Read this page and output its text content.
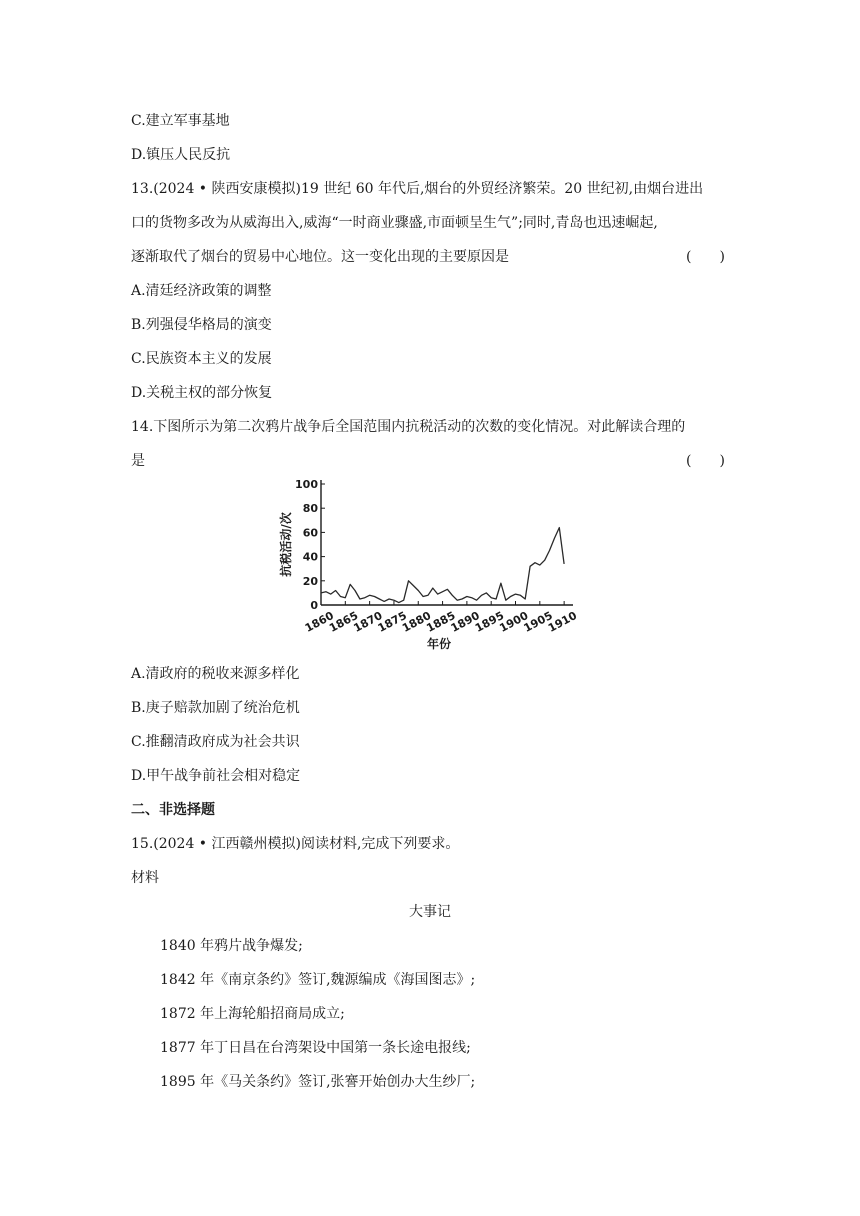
C.建立军事基地
D.镇压人民反抗
13.(2024 • 陕西安康模拟)19 世纪 60 年代后,烟台的外贸经济繁荣。20 世纪初,由烟台进出
口的货物多改为从威海出入,威海“一时商业骤盛,市面顿呈生气”;同时,青岛也迅速崛起,
逐渐取代了烟台的贸易中心地位。这一变化出现的主要原因是	(　　)
A.清廷经济政策的调整
B.列强侵华格局的演变
C.民族资本主义的发展
D.关税主权的部分恢复
14.下图所示为第二次鸦片战争后全国范围内抗税活动的次数的变化情况。对此解读合理的
是	(　　)
0
20
40
60
80
100
1860
1865
1870
1875
1880
1885
1890
1895
1900
1905
1910
抗税活动/次
年份
A.清政府的税收来源多样化
B.庚子赔款加剧了统治危机
C.推翻清政府成为社会共识
D.甲午战争前社会相对稳定
二、非选择题
15.(2024 • 江西赣州模拟)阅读材料,完成下列要求。
材料
大事记
1840 年鸦片战争爆发;
1842 年《南京条约》签订,魏源编成《海国图志》;
1872 年上海轮船招商局成立;
1877 年丁日昌在台湾架设中国第一条长途电报线;
1895 年《马关条约》签订,张謇开始创办大生纱厂;
